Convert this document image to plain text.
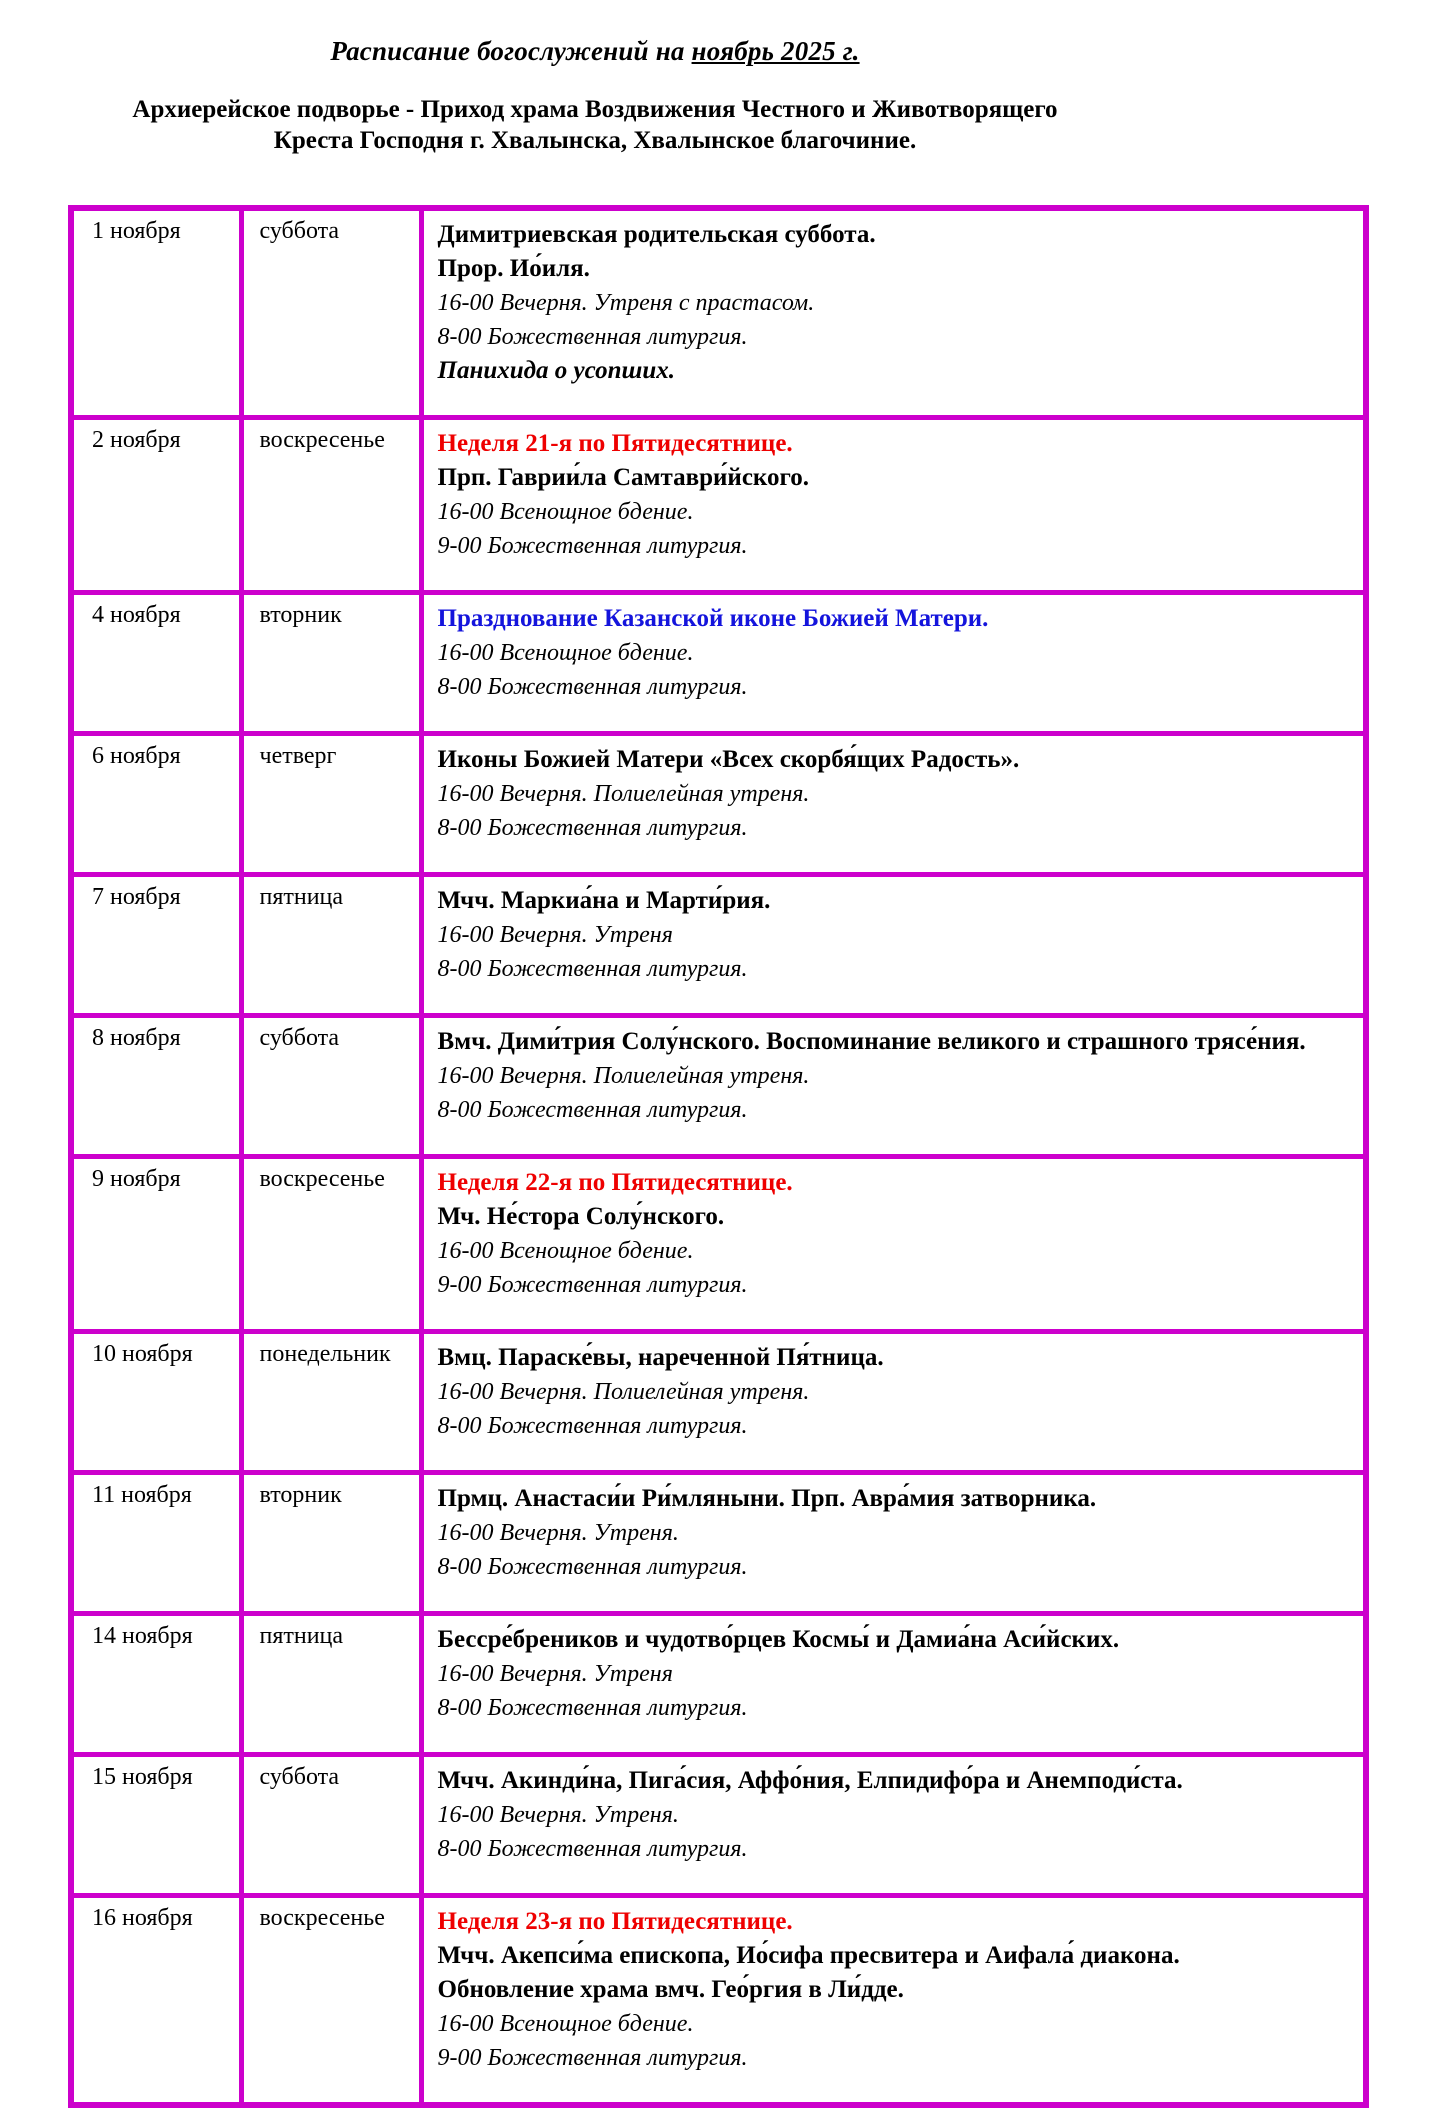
Расписание богослужений на ноябрь 2025 г.
Архиерейское подворье - Приход храма Воздвижения Честного и Животворящего
Креста Господня г. Хвалынска, Хвалынское благочиние.
1 ноября	суббота	Димитриевская родительская суббота.
Прор. Ио́иля.
16-00 Вечерня. Утреня с прастасом.
8-00 Божественная литургия.
Панихида о усопших.

2 ноября	воскресенье	Неделя 21-я по Пятидесятнице.
Прп. Гаврии́ла Самтаври́йского.
16-00 Всенощное бдение.
9-00 Божественная литургия.

4 ноября	вторник	Празднование Казанской иконе Божией Матери.
16-00 Всенощное бдение.
8-00 Божественная литургия.

6 ноября	четверг	Иконы Божией Матери «Всех скорбя́щих Радость».
16-00 Вечерня. Полиелейная утреня.
8-00 Божественная литургия.

7 ноября	пятница	Мчч. Маркиа́на и Марти́рия.
16-00 Вечерня. Утреня
8-00 Божественная литургия.

8 ноября	суббота	Вмч. Дими́трия Солу́нского. Воспоминание великого и страшного трясе́ния.
16-00 Вечерня. Полиелейная утреня.
8-00 Божественная литургия.

9 ноября	воскресенье	Неделя 22-я по Пятидесятнице.
Мч. Не́стора Солу́нского.
16-00 Всенощное бдение.
9-00 Божественная литургия.

10 ноября	понедельник	Вмц. Параске́вы, нареченной Пя́тница.
16-00 Вечерня. Полиелейная утреня.
8-00 Божественная литургия.

11 ноября	вторник	Прмц. Анастаси́и Ри́мляныни. Прп. Авра́мия затворника.
16-00 Вечерня. Утреня.
8-00 Божественная литургия.

14 ноября	пятница	Бессре́бреников и чудотво́рцев Космы́ и Дамиа́на Аси́йских.
16-00 Вечерня. Утреня
8-00 Божественная литургия.

15 ноября	суббота	Мчч. Акинди́на, Пига́сия, Аффо́ния, Елпидифо́ра и Анемподи́ста.
16-00 Вечерня. Утреня.
8-00 Божественная литургия.

16 ноября	воскресенье	Неделя 23-я по Пятидесятнице.
Мчч. Акепси́ма епископа, Ио́сифа пресвитера и Аифала́ диакона.
Обновление храма вмч. Гео́ргия в Ли́дде.
16-00 Всенощное бдение.
9-00 Божественная литургия.
